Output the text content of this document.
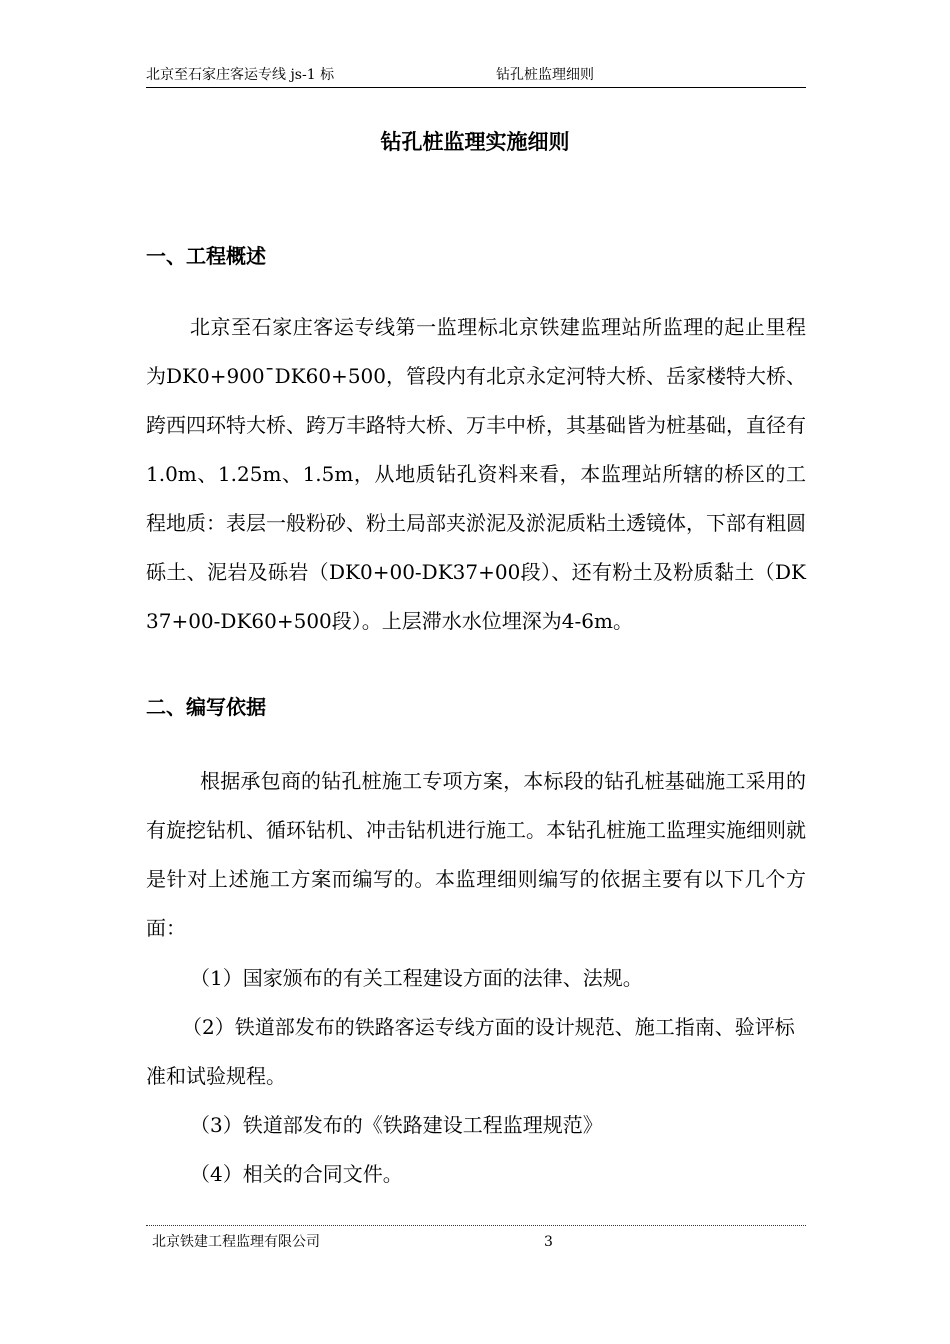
北京至石家庄客运专线 js-1 标	钻孔桩监理细则
钻孔桩监理实施细则
一、工程概述

北京至石家庄客运专线第一监理标北京铁建监理站所监理的起止里程为DK0+900¯DK60+500，管段内有北京永定河特大桥、岳家楼特大桥、跨西四环特大桥、跨万丰路特大桥、万丰中桥，其基础皆为桩基础，直径有1.0m、1.25m、1.5m，从地质钻孔资料来看，本监理站所辖的桥区的工程地质：表层一般粉砂、粉土局部夹淤泥及淤泥质粘土透镜体，下部有粗圆砾土、泥岩及砾岩（DK0+00-DK37+00段）、还有粉土及粉质黏土（DK37+00-DK60+500段）。上层滞水水位埋深为4-6m。

二、编写依据

根据承包商的钻孔桩施工专项方案，本标段的钻孔桩基础施工采用的有旋挖钻机、循环钻机、冲击钻机进行施工。本钻孔桩施工监理实施细则就是针对上述施工方案而编写的。本监理细则编写的依据主要有以下几个方面：

（1）国家颁布的有关工程建设方面的法律、法规。

（2）铁道部发布的铁路客运专线方面的设计规范、施工指南、验评标准和试验规程。

（3）铁道部发布的《铁路建设工程监理规范》

（4）相关的合同文件。

北京铁建工程监理有限公司	3
